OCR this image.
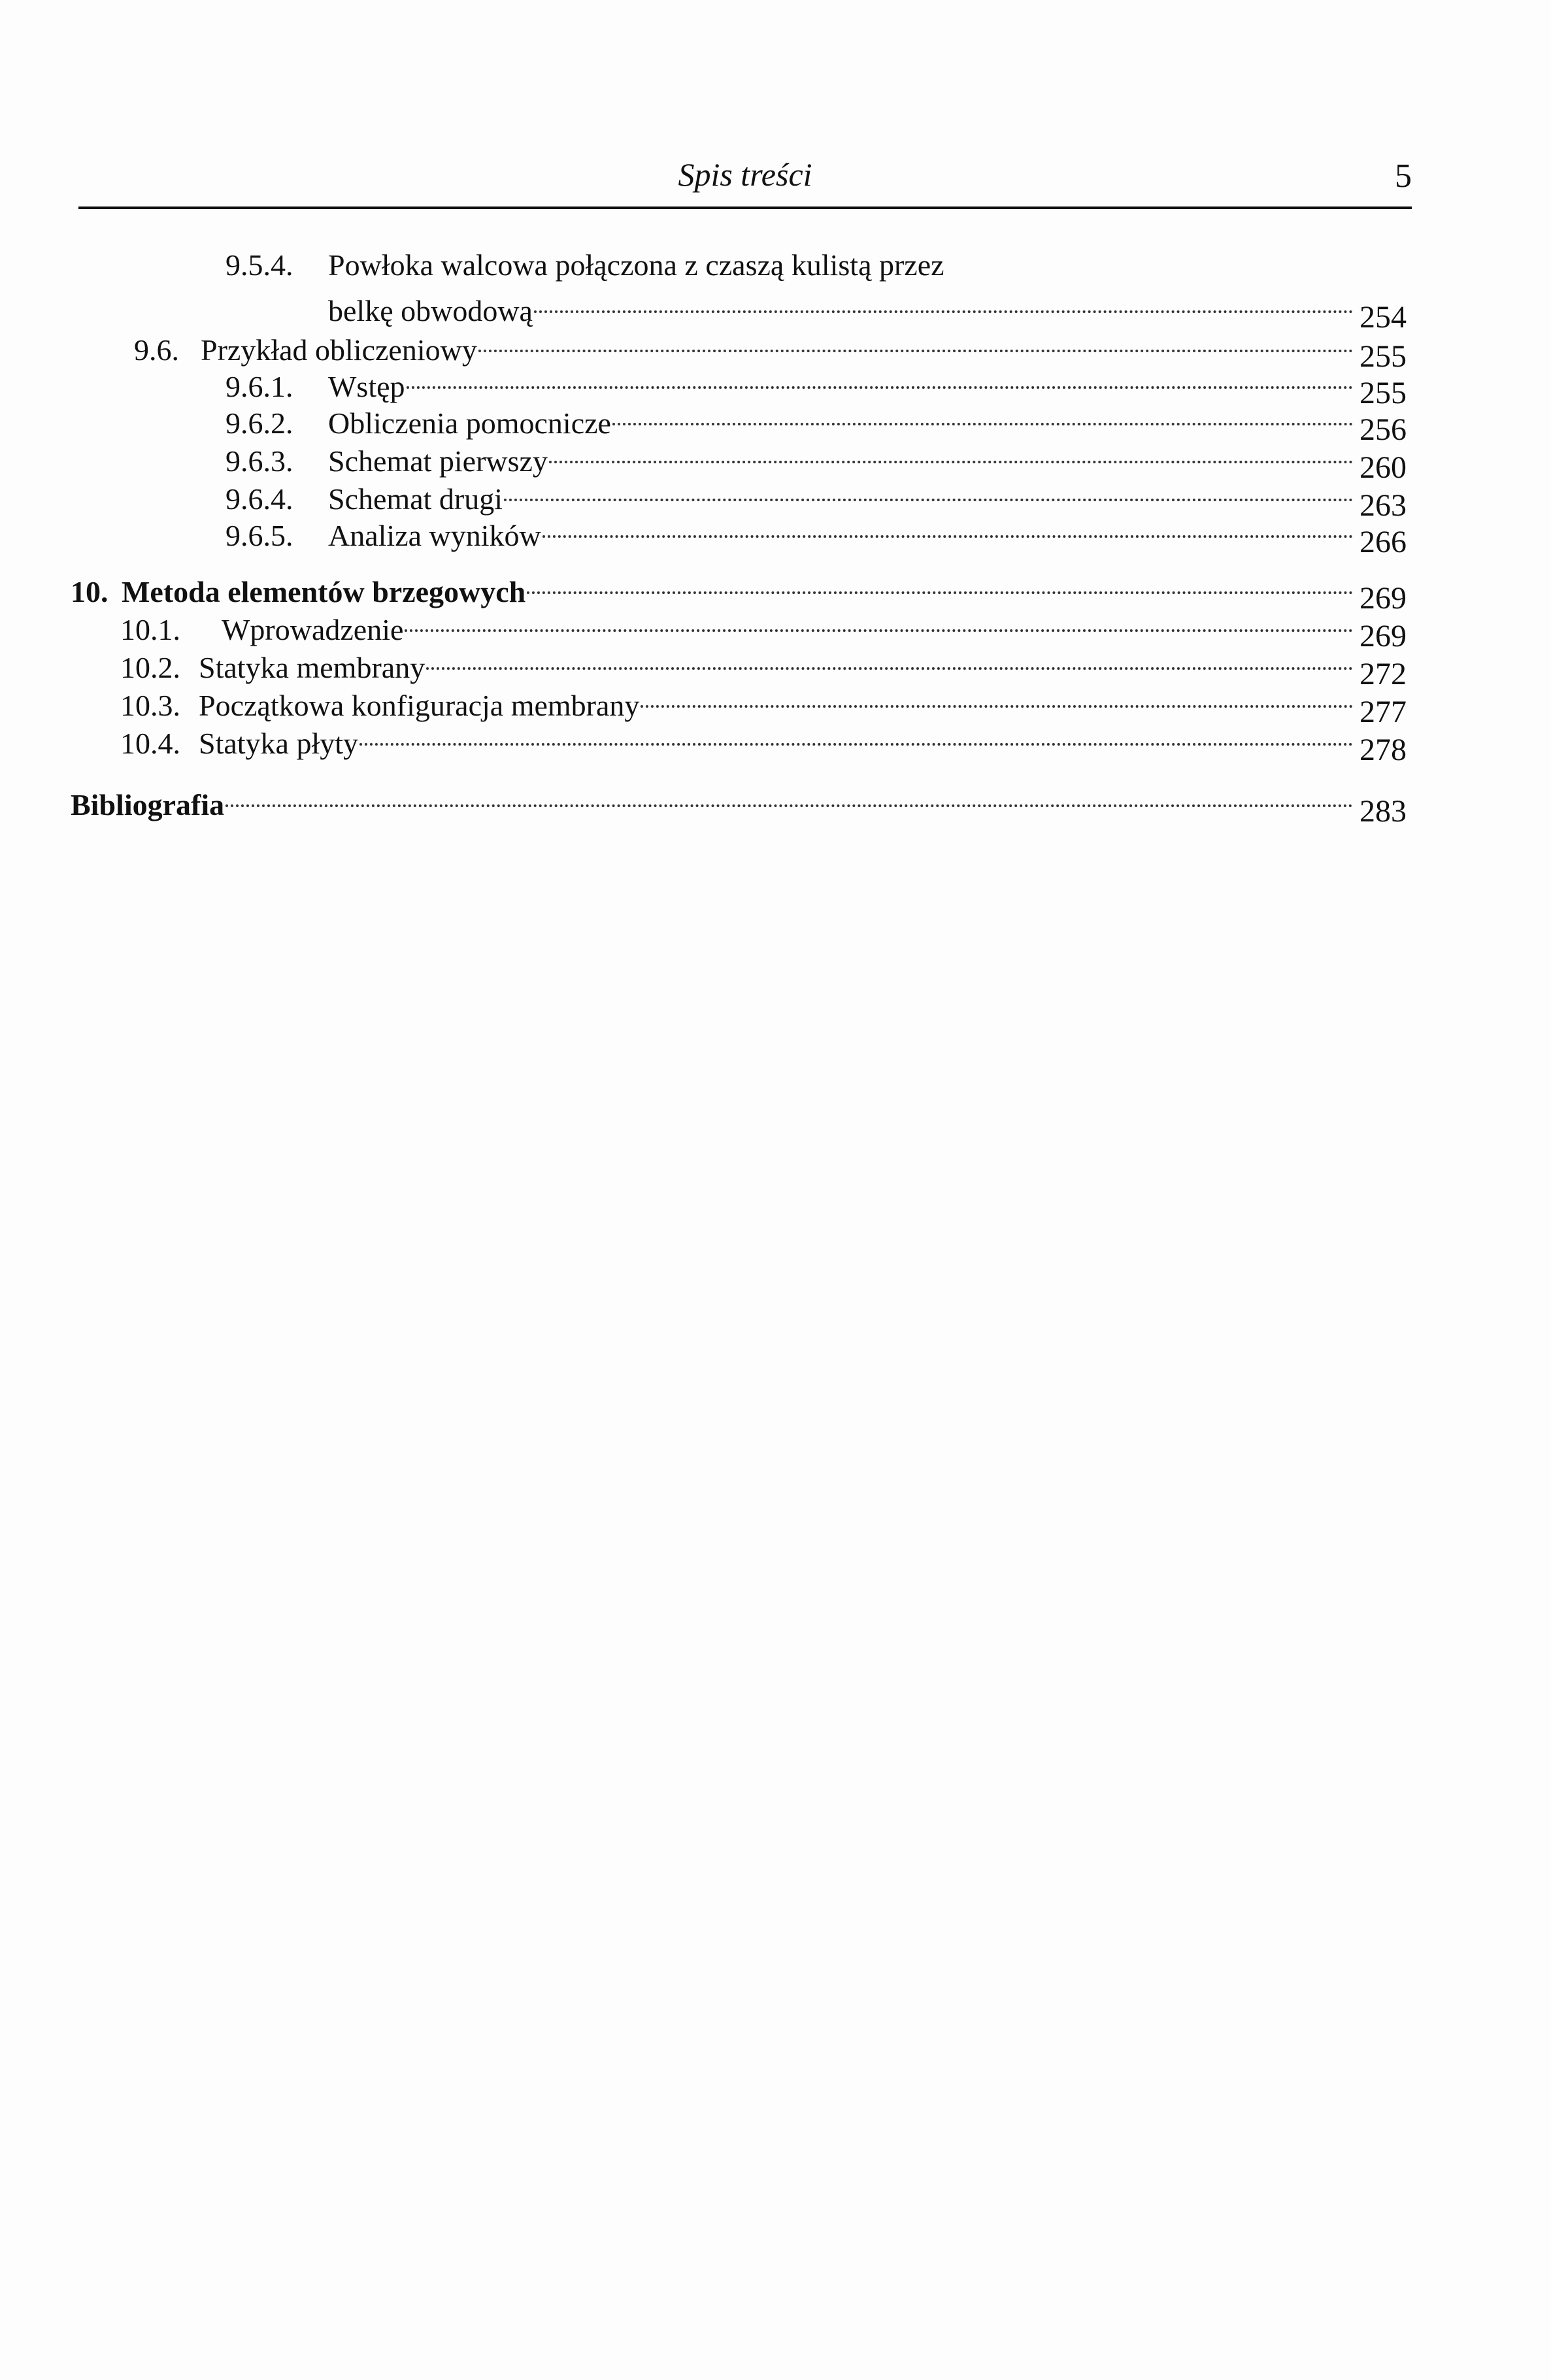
Spis treści	5
9.5.4. Powłoka walcowa połączona z czaszą kulistą przez
belkę obwodową	254
9.6. Przykład obliczeniowy	255
9.6.1.	Wstęp	255
9.6.2.	Obliczenia pomocnicze	256
9.6.3.	Schemat pierwszy	260
9.6.4.	Schemat drugi	263
9.6.5.	Analiza wyników	266
10. Metoda elementów brzegowych	269
10.1.	Wprowadzenie	269
10.2. Statyka membrany	272
10.3. Początkowa konfiguracja membrany	277
10.4. Statyka płyty	278
Bibliografia	283
